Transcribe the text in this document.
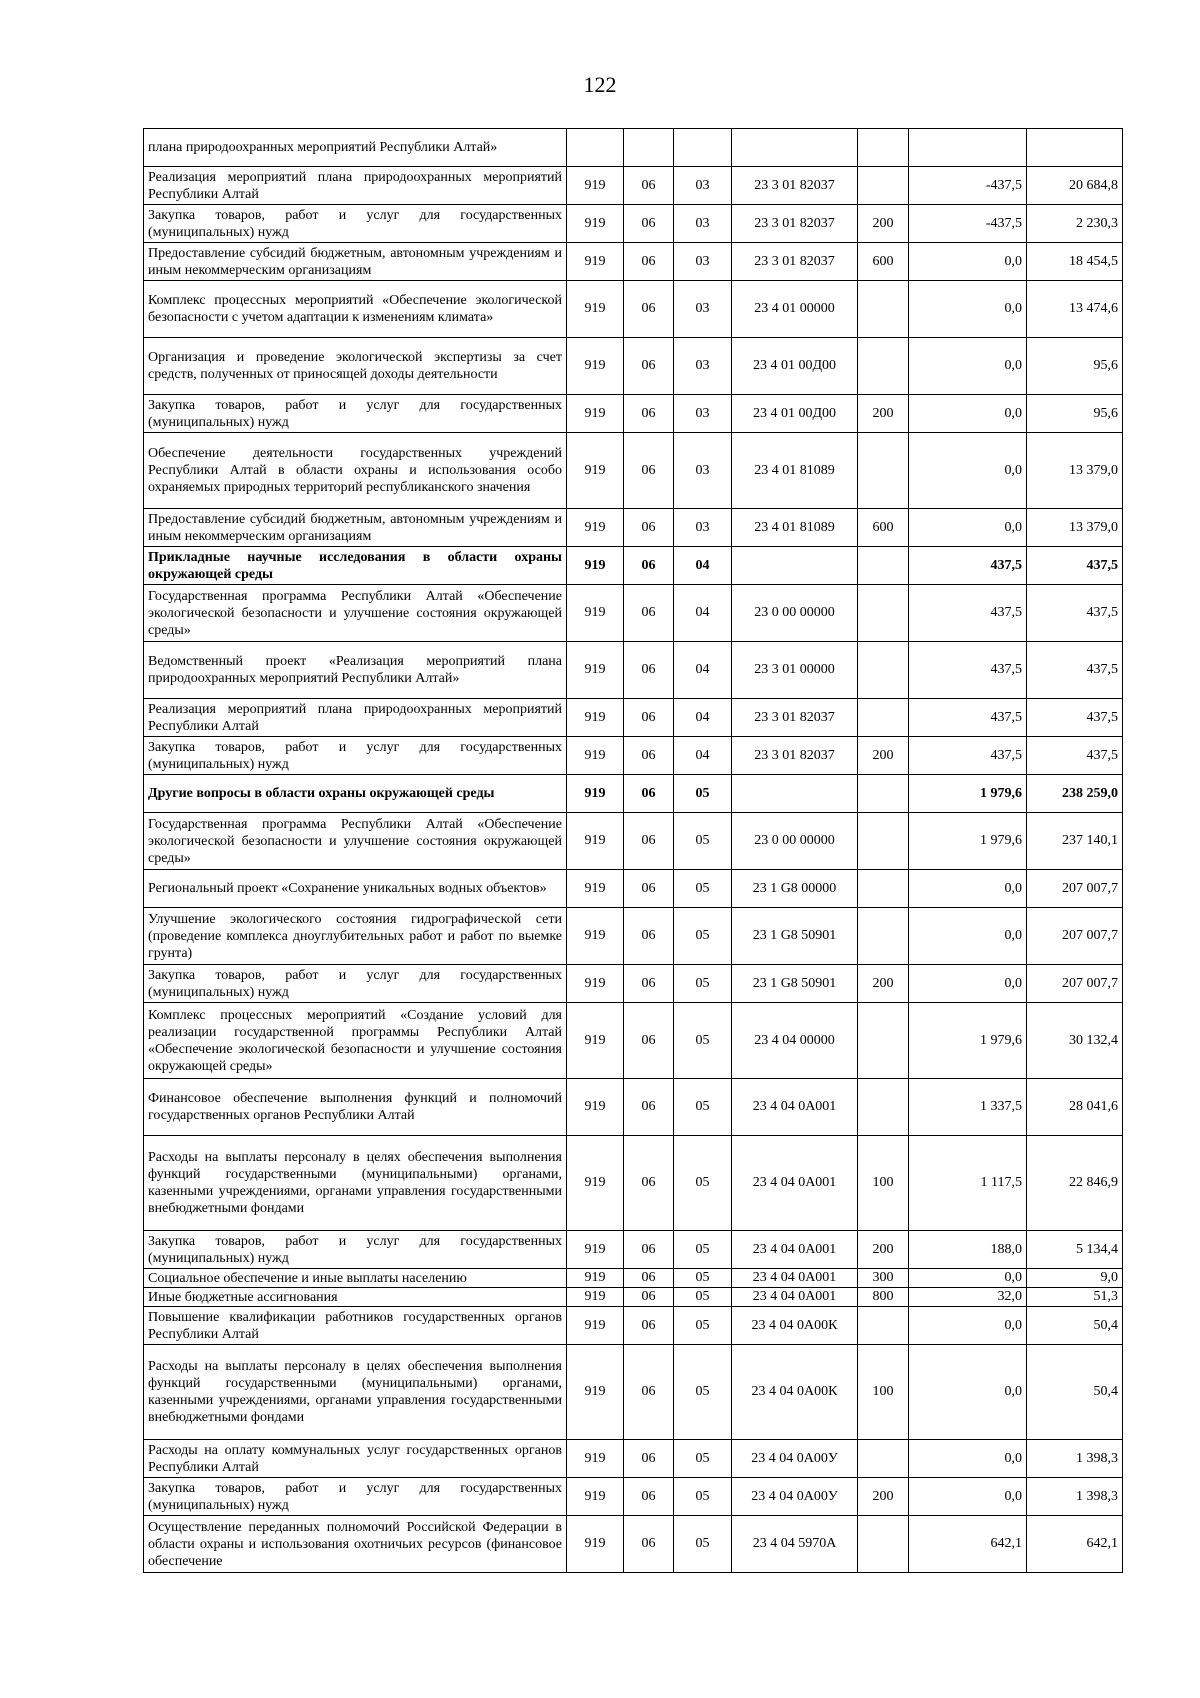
122
плана природоохранных мероприятий Республики Алтай»							
Реализация мероприятий плана природоохранных мероприятий Республики Алтай	919	06	03	23 3 01 82037		-437,5	20 684,8
Закупка товаров, работ и услуг для государственных (муниципальных) нужд	919	06	03	23 3 01 82037	200	-437,5	2 230,3
Предоставление субсидий бюджетным, автономным учреждениям и иным некоммерческим организациям	919	06	03	23 3 01 82037	600	0,0	18 454,5
Комплекс процессных мероприятий «Обеспечение экологической безопасности с учетом адаптации к изменениям климата»	919	06	03	23 4 01 00000		0,0	13 474,6
Организация и проведение экологической экспертизы за счет средств, полученных от приносящей доходы деятельности	919	06	03	23 4 01 00Д00		0,0	95,6
Закупка товаров, работ и услуг для государственных (муниципальных) нужд	919	06	03	23 4 01 00Д00	200	0,0	95,6
Обеспечение деятельности государственных учреждений Республики Алтай в области охраны и использования особо охраняемых природных территорий республиканского значения	919	06	03	23 4 01 81089		0,0	13 379,0
Предоставление субсидий бюджетным, автономным учреждениям и иным некоммерческим организациям	919	06	03	23 4 01 81089	600	0,0	13 379,0
Прикладные научные исследования в области охраны окружающей среды	919	06	04			437,5	437,5
Государственная программа Республики Алтай «Обеспечение экологической безопасности и улучшение состояния окружающей среды»	919	06	04	23 0 00 00000		437,5	437,5
Ведомственный проект «Реализация мероприятий плана природоохранных мероприятий Республики Алтай»	919	06	04	23 3 01 00000		437,5	437,5
Реализация мероприятий плана природоохранных мероприятий Республики Алтай	919	06	04	23 3 01 82037		437,5	437,5
Закупка товаров, работ и услуг для государственных (муниципальных) нужд	919	06	04	23 3 01 82037	200	437,5	437,5
Другие вопросы в области охраны окружающей среды	919	06	05			1 979,6	238 259,0
Государственная программа Республики Алтай «Обеспечение экологической безопасности и улучшение состояния окружающей среды»	919	06	05	23 0 00 00000		1 979,6	237 140,1
Региональный проект «Сохранение уникальных водных объектов»	919	06	05	23 1 G8 00000		0,0	207 007,7
Улучшение экологического состояния гидрографической сети (проведение комплекса дноуглубительных работ и работ по выемке грунта)	919	06	05	23 1 G8 50901		0,0	207 007,7
Закупка товаров, работ и услуг для государственных (муниципальных) нужд	919	06	05	23 1 G8 50901	200	0,0	207 007,7
Комплекс процессных мероприятий «Создание условий для реализации государственной программы Республики Алтай «Обеспечение экологической безопасности и улучшение состояния окружающей среды»	919	06	05	23 4 04 00000		1 979,6	30 132,4
Финансовое обеспечение выполнения функций и полномочий государственных органов Республики Алтай	919	06	05	23 4 04 0А001		1 337,5	28 041,6
Расходы на выплаты персоналу в целях обеспечения выполнения функций государственными (муниципальными) органами, казенными учреждениями, органами управления государственными внебюджетными фондами	919	06	05	23 4 04 0А001	100	1 117,5	22 846,9
Закупка товаров, работ и услуг для государственных (муниципальных) нужд	919	06	05	23 4 04 0А001	200	188,0	5 134,4
Социальное обеспечение и иные выплаты населению	919	06	05	23 4 04 0А001	300	0,0	9,0
Иные бюджетные ассигнования	919	06	05	23 4 04 0А001	800	32,0	51,3
Повышение квалификации работников государственных органов Республики Алтай	919	06	05	23 4 04 0А00К		0,0	50,4
Расходы на выплаты персоналу в целях обеспечения выполнения функций государственными (муниципальными) органами, казенными учреждениями, органами управления государственными внебюджетными фондами	919	06	05	23 4 04 0А00К	100	0,0	50,4
Расходы на оплату коммунальных услуг государственных органов Республики Алтай	919	06	05	23 4 04 0А00У		0,0	1 398,3
Закупка товаров, работ и услуг для государственных (муниципальных) нужд	919	06	05	23 4 04 0А00У	200	0,0	1 398,3
Осуществление переданных полномочий Российской Федерации в области охраны и использования охотничьих ресурсов (финансовое обеспечение	919	06	05	23 4 04 5970А		642,1	642,1
